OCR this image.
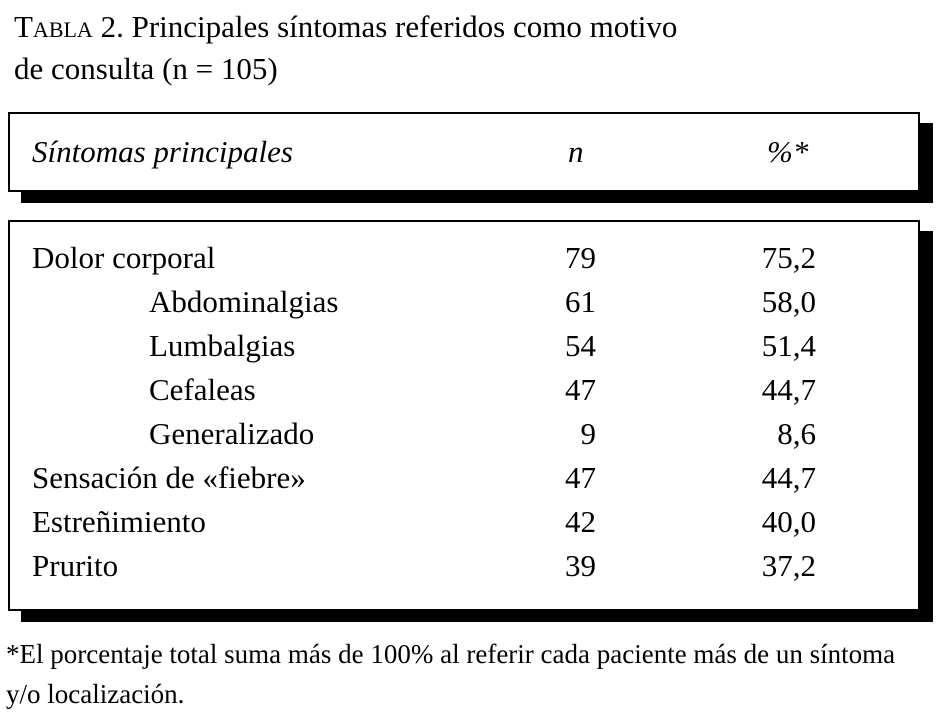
Tabla 2. Principales síntomas referidos como motivo
de consulta (n = 105)
Síntomas principales	n	%*
Dolor corporal	79	75,2
Abdominalgias	61	58,0
Lumbalgias	54	51,4
Cefaleas	47	44,7
Generalizado	9	8,6
Sensación de «fiebre»	47	44,7
Estreñimiento	42	40,0
Prurito	39	37,2
*El porcentaje total suma más de 100% al referir cada paciente más de un síntoma y/o localización.
